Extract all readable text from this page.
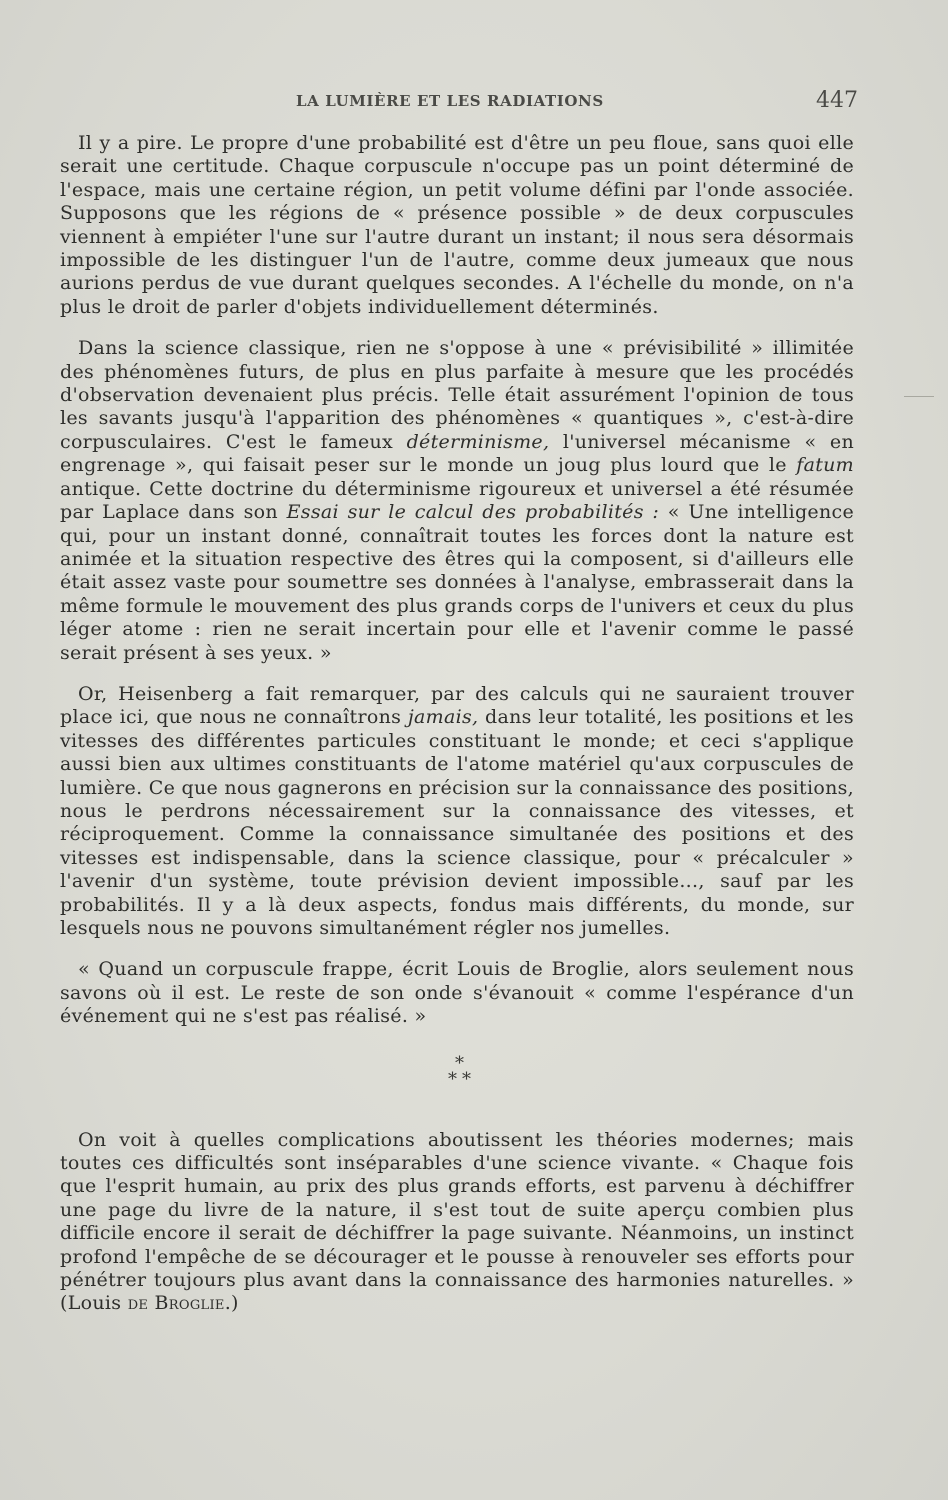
LA LUMIÈRE ET LES RADIATIONS	447

Il y a pire. Le propre d'une probabilité est d'être un peu floue, sans quoi elle serait une certitude. Chaque corpuscule n'occupe pas un point déterminé de l'espace, mais une certaine région, un petit volume défini par l'onde associée. Supposons que les régions de « présence possible » de deux corpuscules viennent à empiéter l'une sur l'autre durant un instant; il nous sera désormais impossible de les distinguer l'un de l'autre, comme deux jumeaux que nous aurions perdus de vue durant quelques secondes. A l'échelle du monde, on n'a plus le droit de parler d'objets individuellement déterminés.

Dans la science classique, rien ne s'oppose à une « prévisibilité » illimitée des phénomènes futurs, de plus en plus parfaite à mesure que les procédés d'observation devenaient plus précis. Telle était assurément l'opinion de tous les savants jusqu'à l'apparition des phénomènes « quantiques », c'est-à-dire corpusculaires. C'est le fameux déterminisme, l'universel mécanisme « en engrenage », qui faisait peser sur le monde un joug plus lourd que le fatum antique. Cette doctrine du déterminisme rigoureux et universel a été résumée par Laplace dans son Essai sur le calcul des probabilités : « Une intelligence qui, pour un instant donné, connaîtrait toutes les forces dont la nature est animée et la situation respective des êtres qui la composent, si d'ailleurs elle était assez vaste pour soumettre ses données à l'analyse, embrasserait dans la même formule le mouvement des plus grands corps de l'univers et ceux du plus léger atome : rien ne serait incertain pour elle et l'avenir comme le passé serait présent à ses yeux. »

Or, Heisenberg a fait remarquer, par des calculs qui ne sauraient trouver place ici, que nous ne connaîtrons jamais, dans leur totalité, les positions et les vitesses des différentes particules constituant le monde; et ceci s'applique aussi bien aux ultimes constituants de l'atome matériel qu'aux corpuscules de lumière. Ce que nous gagnerons en précision sur la connaissance des positions, nous le perdrons nécessairement sur la connaissance des vitesses, et réciproquement. Comme la connaissance simultanée des positions et des vitesses est indispensable, dans la science classique, pour « précalculer » l'avenir d'un système, toute prévision devient impossible..., sauf par les probabilités. Il y a là deux aspects, fondus mais différents, du monde, sur lesquels nous ne pouvons simultanément régler nos jumelles.

« Quand un corpuscule frappe, écrit Louis de Broglie, alors seulement nous savons où il est. Le reste de son onde s'évanouit « comme l'espérance d'un événement qui ne s'est pas réalisé. »

*
* *

On voit à quelles complications aboutissent les théories modernes; mais toutes ces difficultés sont inséparables d'une science vivante. « Chaque fois que l'esprit humain, au prix des plus grands efforts, est parvenu à déchiffrer une page du livre de la nature, il s'est tout de suite aperçu combien plus difficile encore il serait de déchiffrer la page suivante. Néanmoins, un instinct profond l'empêche de se décourager et le pousse à renouveler ses efforts pour pénétrer toujours plus avant dans la connaissance des harmonies naturelles. » (Louis de Broglie.)
